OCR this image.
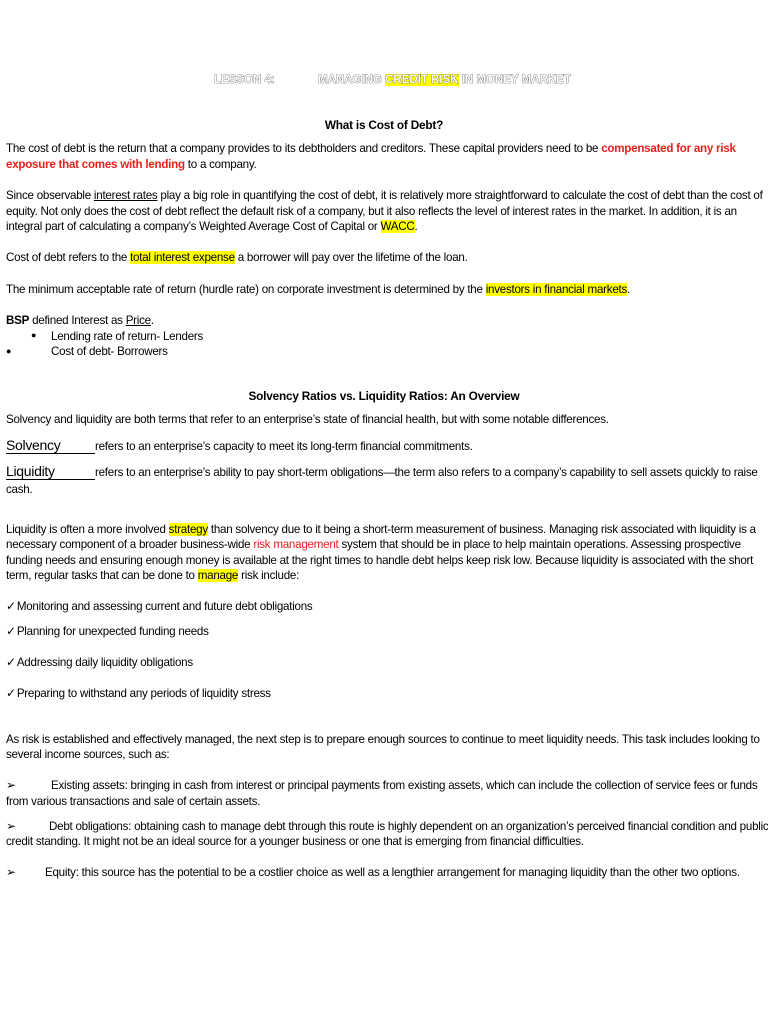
LESSON 4:	MANAGING CREDIT RISK IN MONEY MARKET
What is Cost of Debt?
The cost of debt is the return that a company provides to its debtholders and creditors. These capital providers need to be compensated for any risk
exposure that comes with lending to a company.
Since observable interest rates play a big role in quantifying the cost of debt, it is relatively more straightforward to calculate the cost of debt than the cost of
equity. Not only does the cost of debt reflect the default risk of a company, but it also reflects the level of interest rates in the market. In addition, it is an
integral part of calculating a company’s Weighted Average Cost of Capital or WACC.
Cost of debt refers to the total interest expense a borrower will pay over the lifetime of the loan.
The minimum acceptable rate of return (hurdle rate) on corporate investment is determined by the investors in financial markets.
BSP defined Interest as Price.
● Lending rate of return- Lenders
●	Cost of debt- Borrowers
Solvency Ratios vs. Liquidity Ratios: An Overview
Solvency and liquidity are both terms that refer to an enterprise’s state of financial health, but with some notable differences.
Solvency	refers to an enterprise’s capacity to meet its long-term financial commitments.
Liquidity	refers to an enterprise’s ability to pay short-term obligations—the term also refers to a company’s capability to sell assets quickly to raise
cash.
Liquidity is often a more involved strategy than solvency due to it being a short-term measurement of business. Managing risk associated with liquidity is a
necessary component of a broader business-wide risk management system that should be in place to help maintain operations. Assessing prospective
funding needs and ensuring enough money is available at the right times to handle debt helps keep risk low. Because liquidity is associated with the short
term, regular tasks that can be done to manage risk include:
✓Monitoring and assessing current and future debt obligations
✓Planning for unexpected funding needs
✓Addressing daily liquidity obligations
✓Preparing to withstand any periods of liquidity stress
As risk is established and effectively managed, the next step is to prepare enough sources to continue to meet liquidity needs. This task includes looking to
several income sources, such as:
➢	Existing assets: bringing in cash from interest or principal payments from existing assets, which can include the collection of service fees or funds
from various transactions and sale of certain assets.
➢	Debt obligations: obtaining cash to manage debt through this route is highly dependent on an organization’s perceived financial condition and public
credit standing. It might not be an ideal source for a younger business or one that is emerging from financial difficulties.
➢	Equity: this source has the potential to be a costlier choice as well as a lengthier arrangement for managing liquidity than the other two options.
